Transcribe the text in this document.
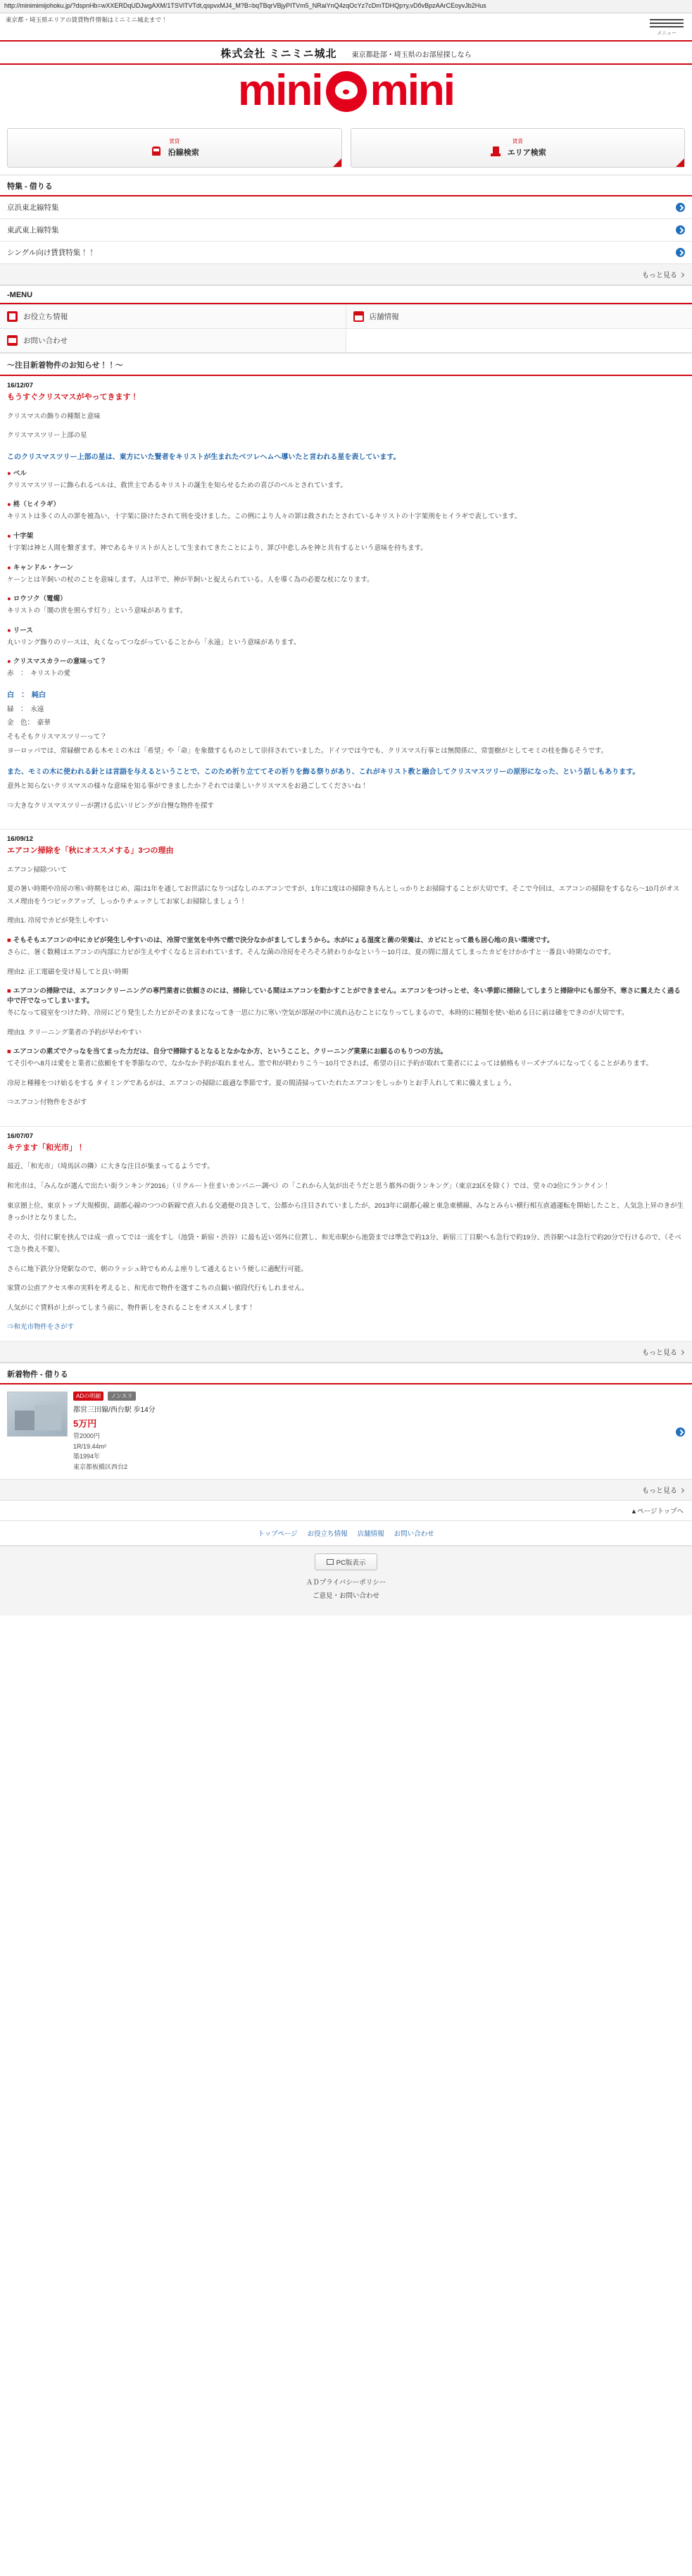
http://minimimijohoku.jp/?dspnHb=wXXERDqUDJwgAXM/1TSVlTVTdt,qspvxMJ4_M?B=bqTBqrVBjyPITVm5_NRaiYnQ4zqOcYz7cDmTDHQpту,vDбvBрzAАrCEoyvJb2Hus
東京都・埼玉県エリアの賃貸物件情報はミニミニ城北まで！
メニュー
株式会社 ミニミニ城北 東京都赴部・埼玉県のお部屋探しなら
mini mini
賃貸
沿線検索
賃貸
エリア検索
特集 - 借りる
京浜東北線特集
東武東上線特集
シングル向け賃貸特集！！
もっと見る
-MENU
お役立ち情報	店舗情報
お問い合わせ
～注目新着物件のお知らせ！！～
16/12/07
もうすぐクリスマスがやってきます！

クリスマスの飾りの種類と意味

クリスマスツリー上部の星

このクリスマスツリー上部の星は、東方にいた賢者をキリストが生まれたベツレヘムへ導いたと言われる星を表しています。
● ベル

クリスマスツリーに飾られるベルは、救世主であるキリストの誕生を知らせるための喜びのベルとされています。

● 柊（ヒイラギ）

キリストは多くの人の罪を被為い、十字架に掛けたされて刑を受けました。この例により人々の罪は救されたとされているキリストの十字架刑をヒイラギで表しています。

● 十字架

十字架は神と人間を繋ぎます。神であるキリストが人として生まれてきたことにより、罪び中悲しみを神と共有するという意味を持ちます。

● キャンドル・ケーン

ケーンとは羊飼いの杖のことを意味します。人は羊で、神が羊飼いと捉えられている。人を導く為の必要な杖になります。

● ロウソク（電燭）

キリストの「闇の世を照らす灯り」という意味があります。

● リース

丸いリング飾りのリースは、丸くなってつながっていることから「永遠」という意味があります。

● クリスマスカラーの意味って？

赤　：　キリストの愛

白　：　純白
緑　：　永遠
金　色：　豪華
そもそもクリスマスツリーって？
ヨーロッパでは、常緑樹である木モミの木は「希望」や「命」を象徴するものとして崇拝されていました。ドイツでは今でも、クリスマス行事とは無関係に、常霊樹がとしてモミの枝を飾るそうです。
また、モミの木に使われる針とは言語を与えるということで、このため祈り立ててその祈りを飾る祭りがあり、これがキリスト教と融合してクリスマスツリーの原形になった、という話しもあります。

意外と知らないクリスマスの様々な意味を知る事ができましたか？それでは楽しいクリスマスをお過ごしてくださいね！

⇒大きなクリスマスツリーが置ける広いリビングが自慢な物件を探す

16/09/12
エアコン掃除を「秋にオススメする」3つの理由

エアコン掃除ついて

夏の暑い時期や冷房の寒い時期をはじめ、湯は1年を通してお世話になりつばなしのエアコンですが、1年に1度はの掃除きちんとしっかりとお掃除することが大切です。そこで今回は、エアコンの掃除をするなら～10月がオススメ理由をうつピックアップ、しっかりチェックしてお家しお掃除しましょう！

理由1. 冷房でカビが発生しやすい

■ そもそもエアコンの中にカビが発生しやすいのは、冷房で室気を中外で燃で決分なかがましてしまうから。水がにょる湿度と菌の栄養は、カビにとって最も居心地の良い環境です。

さらに、暑く数種はエアコンの内部に力ビが生えやすくなると言われています。そんな菌の冷房をそろそろ終わりかなという～10月は、夏の間に溜えてしまったカビをけかかすと一番良い時期なのです。

理由2. 正工電磁を受け易してと良い時期

■ エアコンの掃除では、エアコンクリーニングの専門業者に依頼さのには、掃除している間はエアコンを動かすことができません。エアコンをつけっとせ、冬い季節に掃除してしまうと掃除中にも部分不、寒さに震えたく過る中で汗でなってしまいます。

冬になって寝室をつけた時、冷房にどり発生した力ビがそのままになってき一思に力に寒い空気が部屋の中に流れ込むことになりってしまるので、本時的に種類を使い始める日に前は確をできのが大切です。

理由3. クリーニング業者の予約が早わやすい

■ エアコンの素ズでクっなを当てまった力だは、自分で掃除するとなるとなかなか方、というここと、クリーニング業業にお願るのもりつの方法。

てそ引やへ8月は愛をと業者に依頼をすを季節なので、なかなか予約が取れません。窓で和が終わりこう～10月でされば、希望の日に予約が取れて業者にによっては値格もリーズナブルになってくることがあります。

冷房と種種をつけ始るをする タイミングであるがは、エアコンの掃除に最適な季節です。夏の間清掃っていたれたエアコンをしっかりとお手入れして来に備えましょう。

⇒エアコン付物件をさがす

16/07/07
キテます「和光市」！

最近、「和光市」（埼馬区の隣）に大きな注目が集まってるようです。

和光市は、「みんなが選んで出たい街ランキング2016」（リクルート住まいカンパニー調べ）の「これから人気が出そうだと思う都外の街ランキング」（東京23区を除く）では、堂々の3位にランクイン！

東京圏上位、東京トップ大規模街、副都心線のつつの新線で直入れる交通便の良さして、公都から注目されていましたが、2013年に副都心線と東急東横線、みなとみらい横行相互直通運転を開始したこと、人気急上昇のきが生きっかけとなりました。

その大、引付に駅を挟んでは成一直ってでは一流をすし（池袋・新宿・渋谷）に最も近い郊外に位置し、和光市駅から池袋までは準急で約13分、新宿三丁目駅へも急行で約19分、渋谷駅へは急行で約20分で行けるので、（そべて急り換え不要）。

さらに地下鉄分分発駅なので、朝のラッシュ時でもめんよ座りして通えるという便しに適配行可能。

家賃の公直アクセス率の実料を考えると、和光市で物件を選すこちの点観い値段代行もしれません。

人気がにぐ賃料が上がってしまう前に、物件新しをされることをオススメします！

⇒和光市物件をさがす
もっと見る
新着物件 - 借りる
ADの明細 ノンスリ
都営三田線/西台駅 歩14分
5万円
管2000円
1R/19.44m²
築1994年
東京都板橋区西台2
もっと見る
▲ページトップへ
トップページ お役立ち情報 店舗情報 お問い合わせ
PC版表示
ＡＤプライバシーポリシー
ご意見・お問い合わせ
